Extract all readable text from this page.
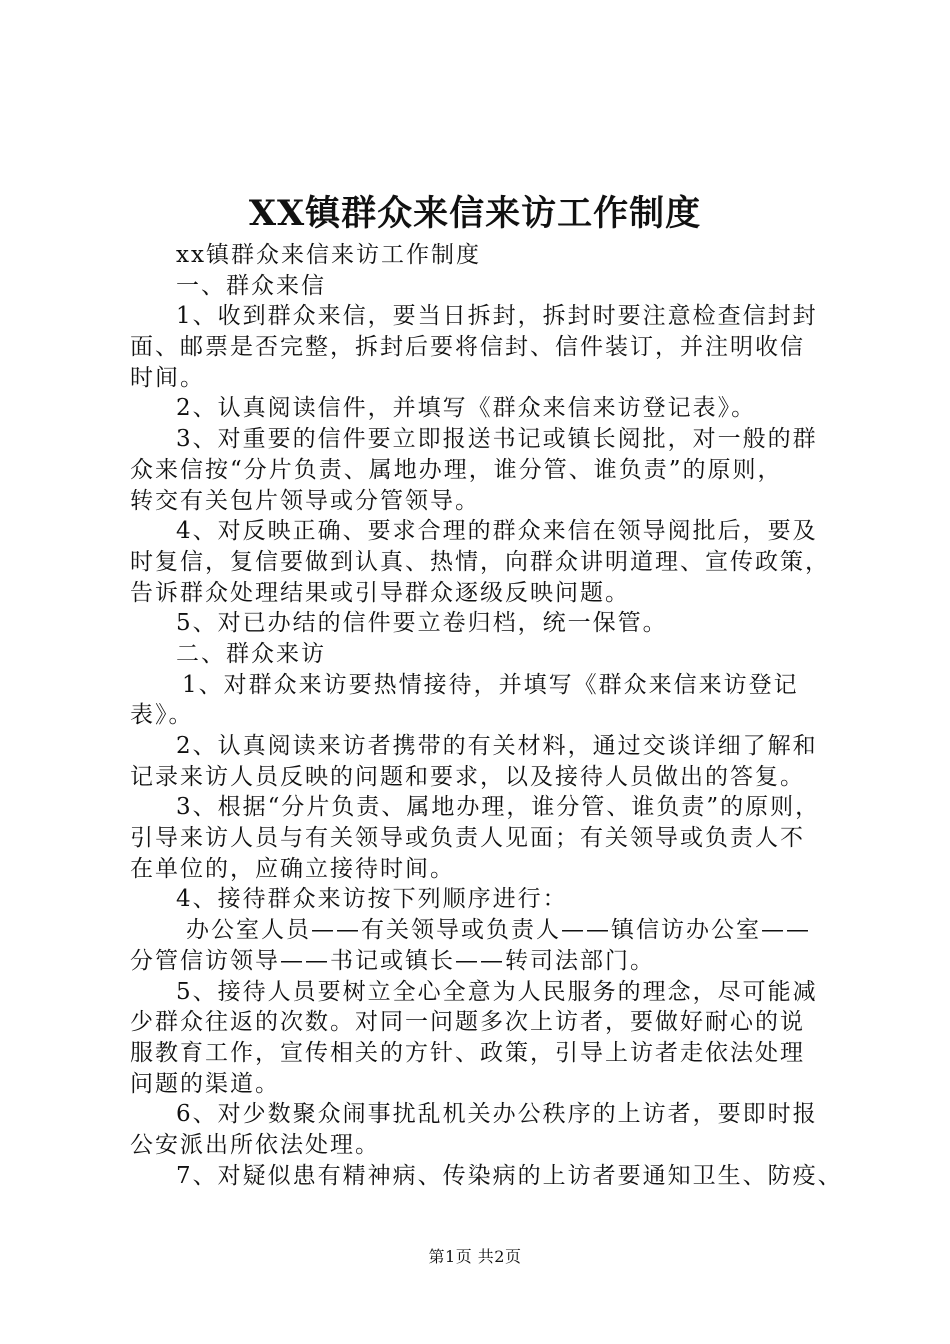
XX镇群众来信来访工作制度
xx镇群众来信来访工作制度
一、群众来信
1、收到群众来信，要当日拆封，拆封时要注意检查信封封
面、邮票是否完整，拆封后要将信封、信件装订，并注明收信
时间。
2、认真阅读信件，并填写《群众来信来访登记表》。
3、对重要的信件要立即报送书记或镇长阅批，对一般的群
众来信按“分片负责、属地办理，谁分管、谁负责”的原则，
转交有关包片领导或分管领导。
4、对反映正确、要求合理的群众来信在领导阅批后，要及
时复信，复信要做到认真、热情，向群众讲明道理、宣传政策，
告诉群众处理结果或引导群众逐级反映问题。
5、对已办结的信件要立卷归档，统一保管。
二、群众来访
1、对群众来访要热情接待，并填写《群众来信来访登记
表》。
2、认真阅读来访者携带的有关材料，通过交谈详细了解和
记录来访人员反映的问题和要求，以及接待人员做出的答复。
3、根据“分片负责、属地办理，谁分管、谁负责”的原则，
引导来访人员与有关领导或负责人见面；有关领导或负责人不
在单位的，应确立接待时间。
4、接待群众来访按下列顺序进行：
办公室人员——有关领导或负责人——镇信访办公室——
分管信访领导——书记或镇长——转司法部门。
5、接待人员要树立全心全意为人民服务的理念，尽可能减
少群众往返的次数。对同一问题多次上访者，要做好耐心的说
服教育工作，宣传相关的方针、政策，引导上访者走依法处理
问题的渠道。
6、对少数聚众闹事扰乱机关办公秩序的上访者，要即时报
公安派出所依法处理。
7、对疑似患有精神病、传染病的上访者要通知卫生、防疫、
第1页 共2页
